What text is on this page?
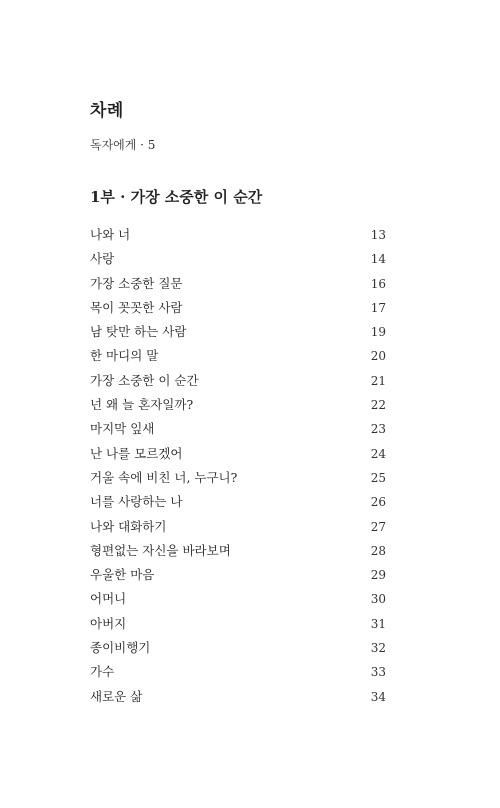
차례
독자에게 · 5
1부 · 가장 소중한 이 순간
나와 너	13
사랑	14
가장 소중한 질문	16
목이 꼿꼿한 사람	17
남 탓만 하는 사람	19
한 마디의 말	20
가장 소중한 이 순간	21
넌 왜 늘 혼자일까?	22
마지막 잎새	23
난 나를 모르겠어	24
거울 속에 비친 너, 누구니?	25
너를 사랑하는 나	26
나와 대화하기	27
형편없는 자신을 바라보며	28
우울한 마음	29
어머니	30
아버지	31
종이비행기	32
가수	33
새로운 삶	34
